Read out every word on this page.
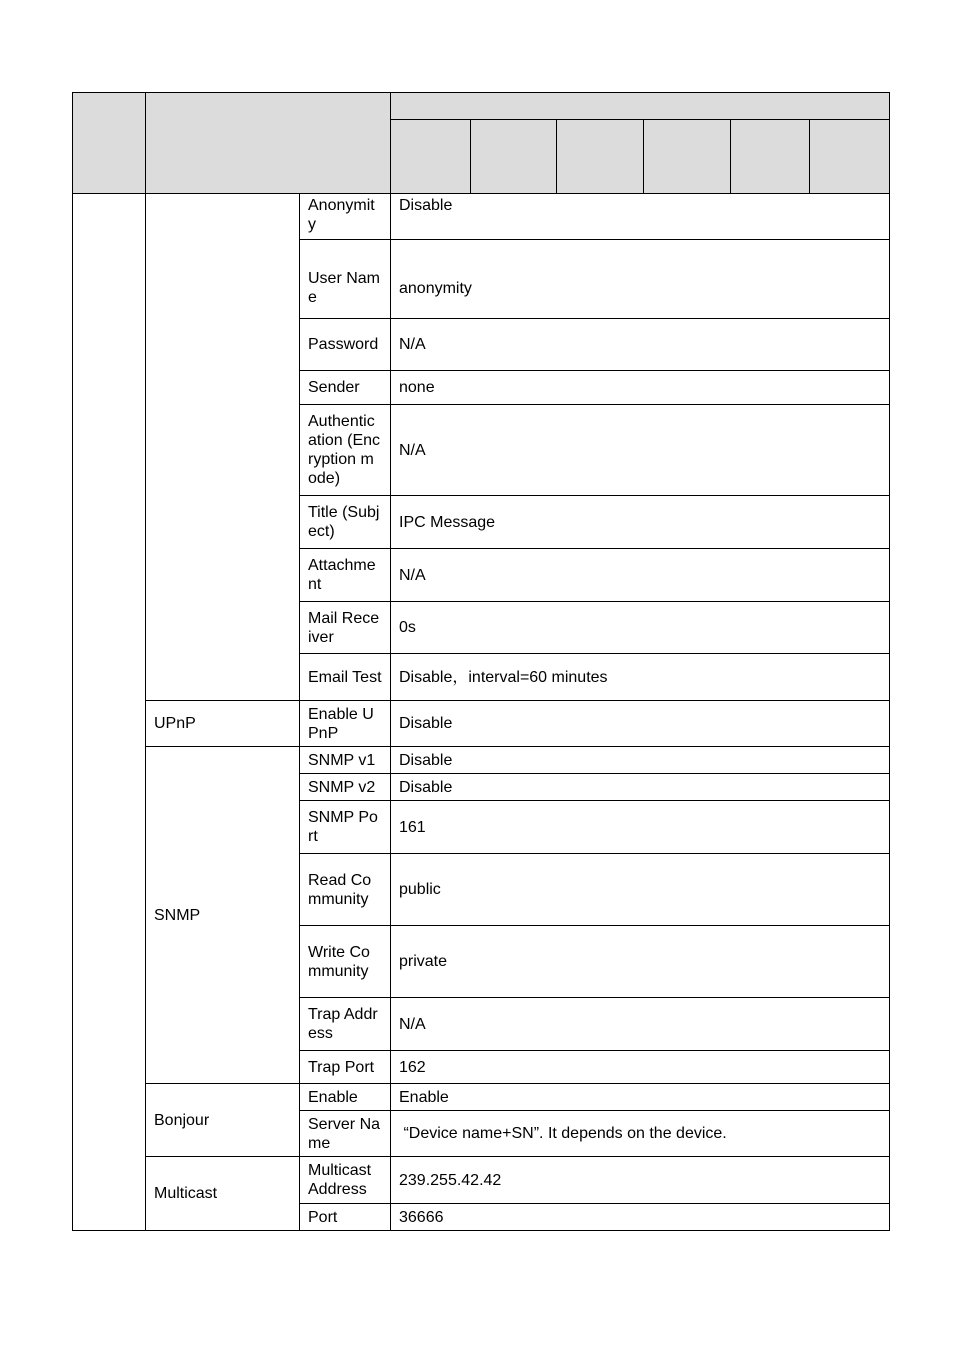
		Anonymity	Disable					
		User Name	anonymity					
		Password	N/A					
		Sender	none					
		Authentication (Encryption mode)	N/A					
		Title (Subject)	IPC Message					
		Attachment	N/A					
		Mail Receiver	0s					
		Email Test	Disable，interval=60 minutes					
	UPnP	Enable UPnP	Disable					
	SNMP	SNMP v1	Disable					
		SNMP v2	Disable					
		SNMP Port	161					
		Read Community	public					
		Write Community	private					
		Trap Address	N/A					
		Trap Port	162					
	Bonjour	Enable	Enable					
		Server Name	“Device name+SN”. It depends on the device.					
	Multicast	Multicast Address	239.255.42.42					
		Port	36666					
